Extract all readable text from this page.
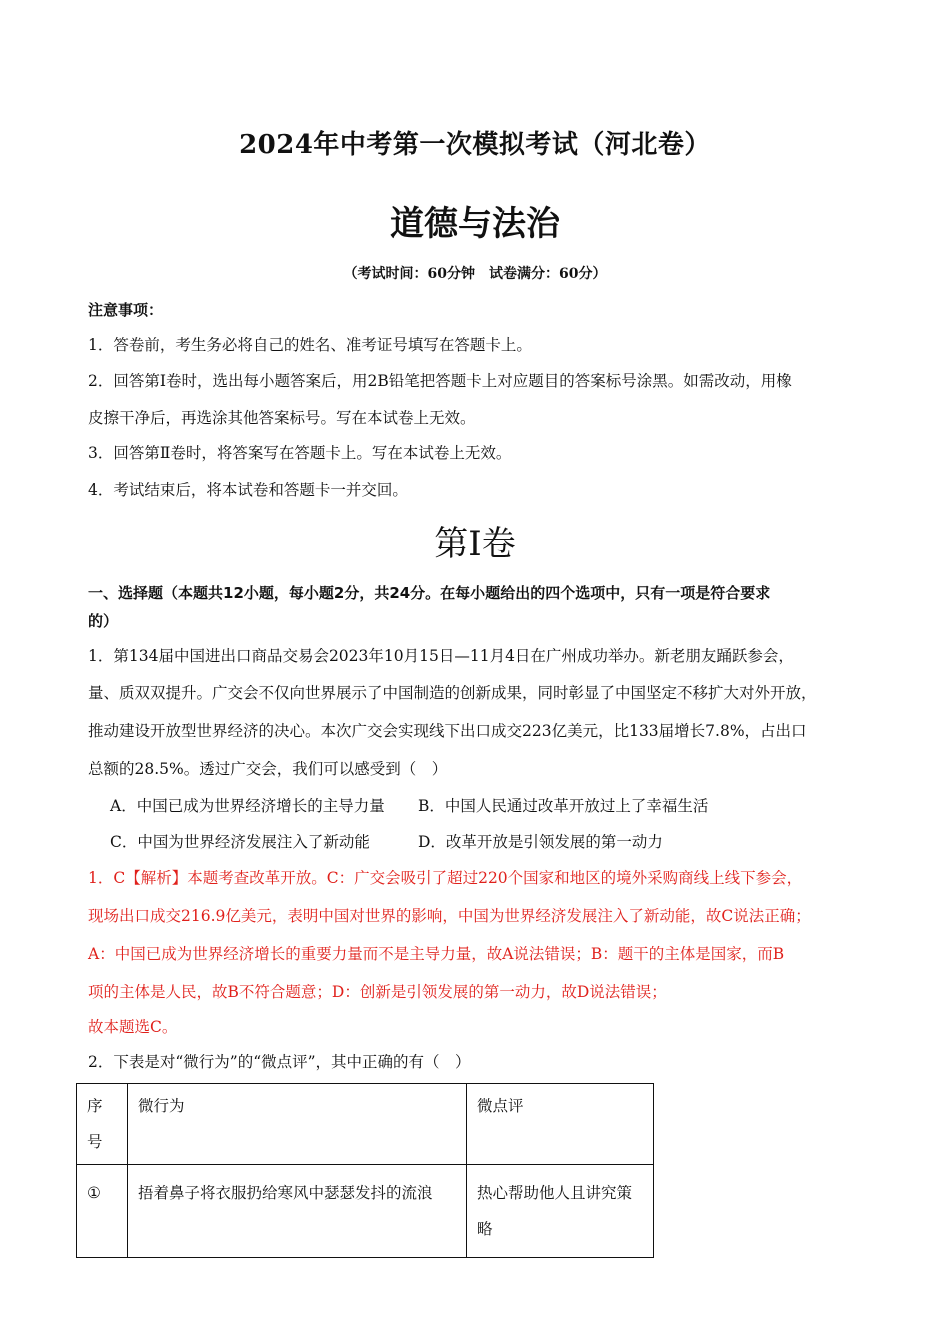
2024年中考第一次模拟考试（河北卷）
道德与法治
（考试时间：60分钟　试卷满分：60分）
注意事项：
1．答卷前，考生务必将自己的姓名、准考证号填写在答题卡上。
2．回答第Ⅰ卷时，选出每小题答案后，用2B铅笔把答题卡上对应题目的答案标号涂黑。如需改动，用橡
皮擦干净后，再选涂其他答案标号。写在本试卷上无效。
3．回答第Ⅱ卷时，将答案写在答题卡上。写在本试卷上无效。
4．考试结束后，将本试卷和答题卡一并交回。
第Ⅰ卷
一、选择题（本题共12小题，每小题2分，共24分。在每小题给出的四个选项中，只有一项是符合要求
的）
1．第134届中国进出口商品交易会2023年10月15日—11月4日在广州成功举办。新老朋友踊跃参会，
量、质双双提升。广交会不仅向世界展示了中国制造的创新成果，同时彰显了中国坚定不移扩大对外开放，
推动建设开放型世界经济的决心。本次广交会实现线下出口成交223亿美元，比133届增长7.8%，占出口
总额的28.5%。透过广交会，我们可以感受到（　）
A．中国已成为世界经济增长的主导力量 B．中国人民通过改革开放过上了幸福生活
C．中国为世界经济发展注入了新动能	D．改革开放是引领发展的第一动力
1．C【解析】本题考查改革开放。C：广交会吸引了超过220个国家和地区的境外采购商线上线下参会，
现场出口成交216.9亿美元，表明中国对世界的影响，中国为世界经济发展注入了新动能，故C说法正确；
A：中国已成为世界经济增长的重要力量而不是主导力量，故A说法错误；B：题干的主体是国家，而B
项的主体是人民，故B不符合题意；D：创新是引领发展的第一动力，故D说法错误；
故本题选C。
2．下表是对“微行为”的“微点评”，其中正确的有（　）
序号	微行为	微点评
①	捂着鼻子将衣服扔给寒风中瑟瑟发抖的流浪	热心帮助他人且讲究策略
